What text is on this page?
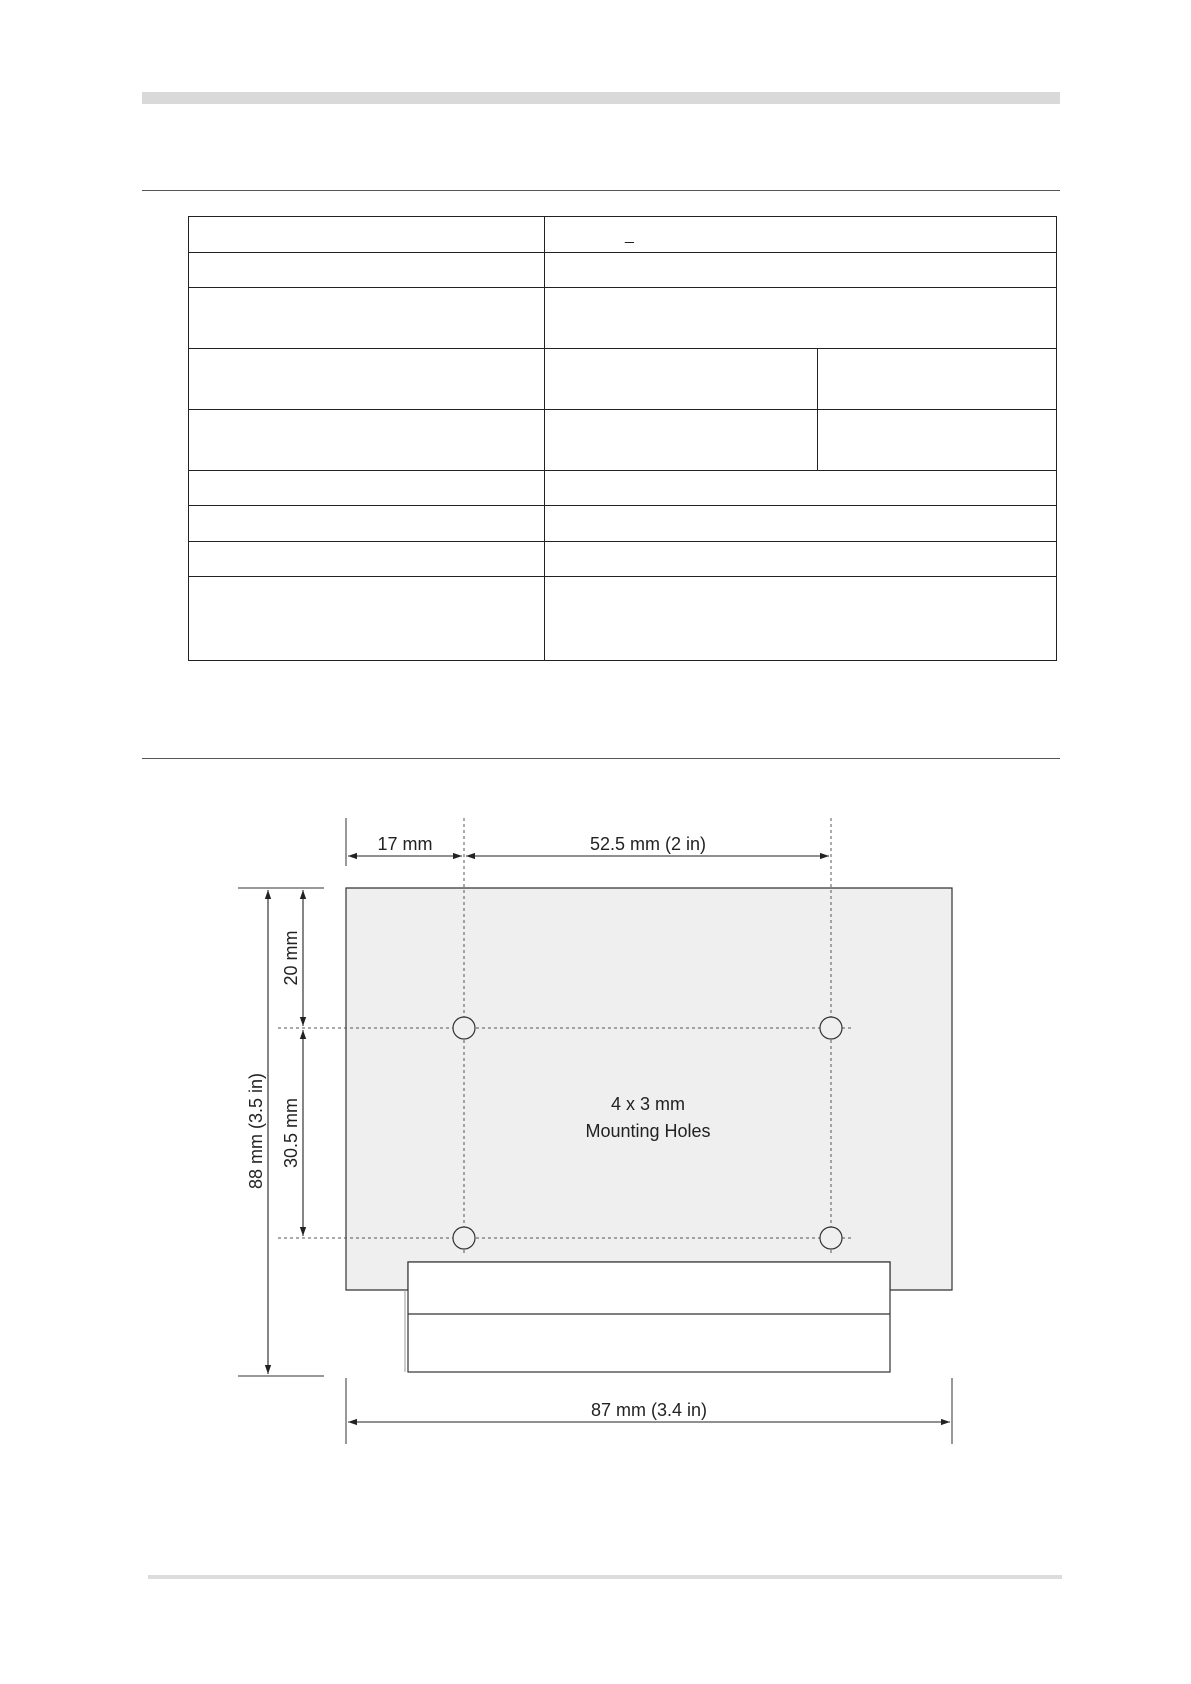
	_	

17 mm	52.5 mm (2 in)
87 mm (3.4 in)
20 mm
30.5 mm
88 mm (3.5 in)	4 x 3 mm
Mounting Holes
